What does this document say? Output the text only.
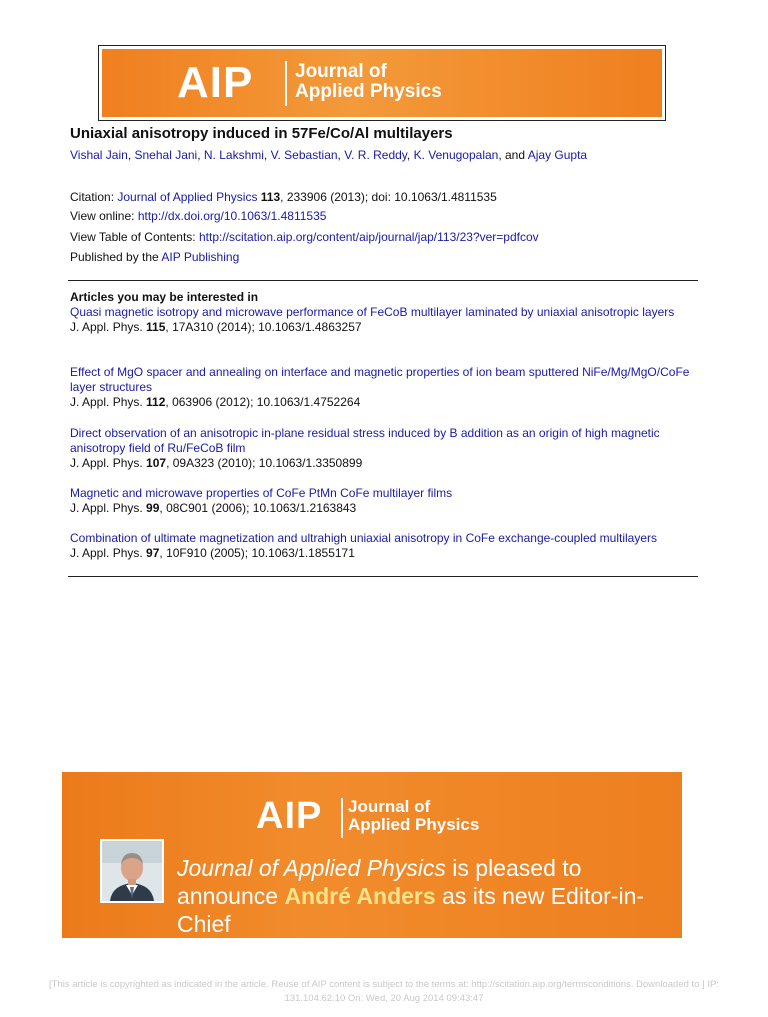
AIP Journal of
Applied Physics
Uniaxial anisotropy induced in 57Fe/Co/Al multilayers
Vishal Jain, Snehal Jani, N. Lakshmi, V. Sebastian, V. R. Reddy, K. Venugopalan, and Ajay Gupta
Citation: Journal of Applied Physics 113, 233906 (2013); doi: 10.1063/1.4811535
View online: http://dx.doi.org/10.1063/1.4811535
View Table of Contents: http://scitation.aip.org/content/aip/journal/jap/113/23?ver=pdfcov
Published by the AIP Publishing
Articles you may be interested in
Quasi magnetic isotropy and microwave performance of FeCoB multilayer laminated by uniaxial anisotropic layers
J. Appl. Phys. 115, 17A310 (2014); 10.1063/1.4863257
Effect of MgO spacer and annealing on interface and magnetic properties of ion beam sputtered NiFe/Mg/MgO/CoFe layer structures
J. Appl. Phys. 112, 063906 (2012); 10.1063/1.4752264
Direct observation of an anisotropic in-plane residual stress induced by B addition as an origin of high magnetic anisotropy field of Ru/FeCoB film
J. Appl. Phys. 107, 09A323 (2010); 10.1063/1.3350899
Magnetic and microwave properties of CoFe PtMn CoFe multilayer films
J. Appl. Phys. 99, 08C901 (2006); 10.1063/1.2163843
Combination of ultimate magnetization and ultrahigh uniaxial anisotropy in CoFe exchange-coupled multilayers
J. Appl. Phys. 97, 10F910 (2005); 10.1063/1.1855171
AIP Journal of
Applied Physics
Journal of Applied Physics is pleased to
announce André Anders as its new Editor-in-Chief
[This article is copyrighted as indicated in the article. Reuse of AIP content is subject to the terms at: http://scitation.aip.org/termsconditions. Downloaded to ] IP:
131.104.62.10 On: Wed, 20 Aug 2014 09:43:47
